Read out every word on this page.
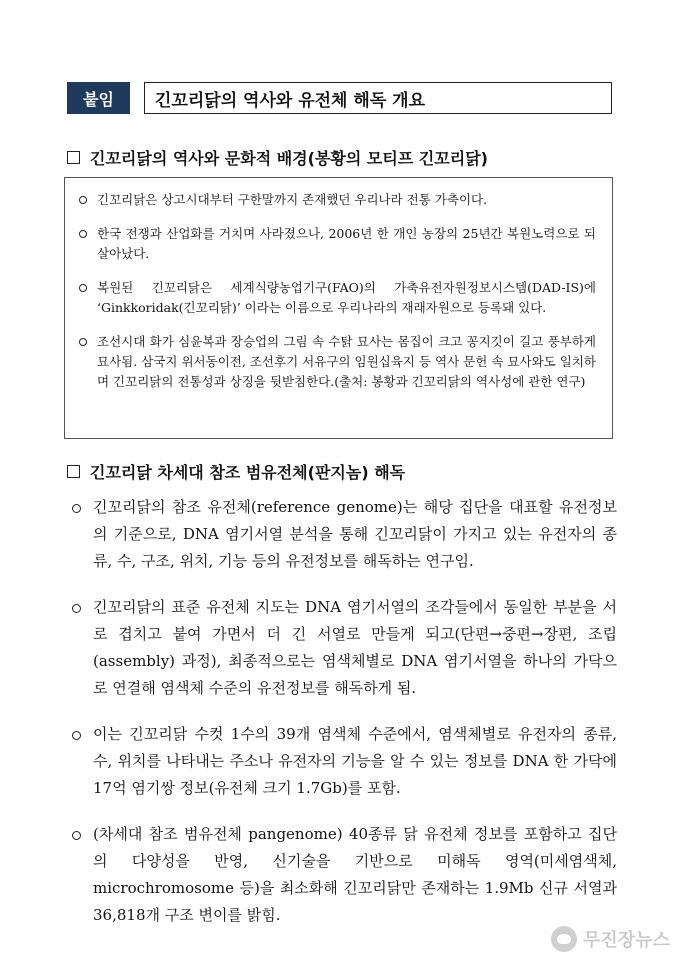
붙임	긴꼬리닭의 역사와 유전체 해독 개요
긴꼬리닭의 역사와 문화적 배경(봉황의 모티프 긴꼬리닭)
긴꼬리닭은 상고시대부터 구한말까지 존재했던 우리나라 전통 가축이다.
한국 전쟁과 산업화를 거치며 사라졌으나, 2006년 한 개인 농장의 25년간 복원노력으로 되살아났다.
복원된 긴꼬리닭은 세계식량농업기구(FAO)의 가축유전자원정보시스템(DAD-IS)에 ‘Ginkkoridak(긴꼬리닭)’ 이라는 이름으로 우리나라의 재래자원으로 등록돼 있다.
조선시대 화가 심윤복과 장승업의 그림 속 수탉 묘사는 몸집이 크고 꽁지깃이 길고 풍부하게 묘사됨. 삼국지 위서동이전, 조선후기 서유구의 임원십육지 등 역사 문헌 속 묘사와도 일치하며 긴꼬리닭의 전통성과 상징을 뒷받침한다.(출처: 봉황과 긴꼬리닭의 역사성에 관한 연구)
긴꼬리닭 차세대 참조 범유전체(판지놈) 해독
긴꼬리닭의 참조 유전체(reference genome)는 해당 집단을 대표할 유전정보의 기준으로, DNA 염기서열 분석을 통해 긴꼬리닭이 가지고 있는 유전자의 종류, 수, 구조, 위치, 기능 등의 유전정보를 해독하는 연구임.
긴꼬리닭의 표준 유전체 지도는 DNA 염기서열의 조각들에서 동일한 부분을 서로 겹치고 붙여 가면서 더 긴 서열로 만들게 되고(단편→중편→장편, 조립(assembly) 과정), 최종적으로는 염색체별로 DNA 염기서열을 하나의 가닥으로 연결해 염색체 수준의 유전정보를 해독하게 됨.
이는 긴꼬리닭 수컷 1수의 39개 염색체 수준에서, 염색체별로 유전자의 종류, 수, 위치를 나타내는 주소나 유전자의 기능을 알 수 있는 정보를 DNA 한 가닥에 17억 염기쌍 정보(유전체 크기 1.7Gb)를 포함.
(차세대 참조 범유전체 pangenome) 40종류 닭 유전체 정보를 포함하고 집단의 다양성을 반영, 신기술을 기반으로 미해독 영역(미세염색체, microchromosome 등)을 최소화해 긴꼬리닭만 존재하는 1.9Mb 신규 서열과 36,818개 구조 변이를 밝힘.
무진장뉴스
